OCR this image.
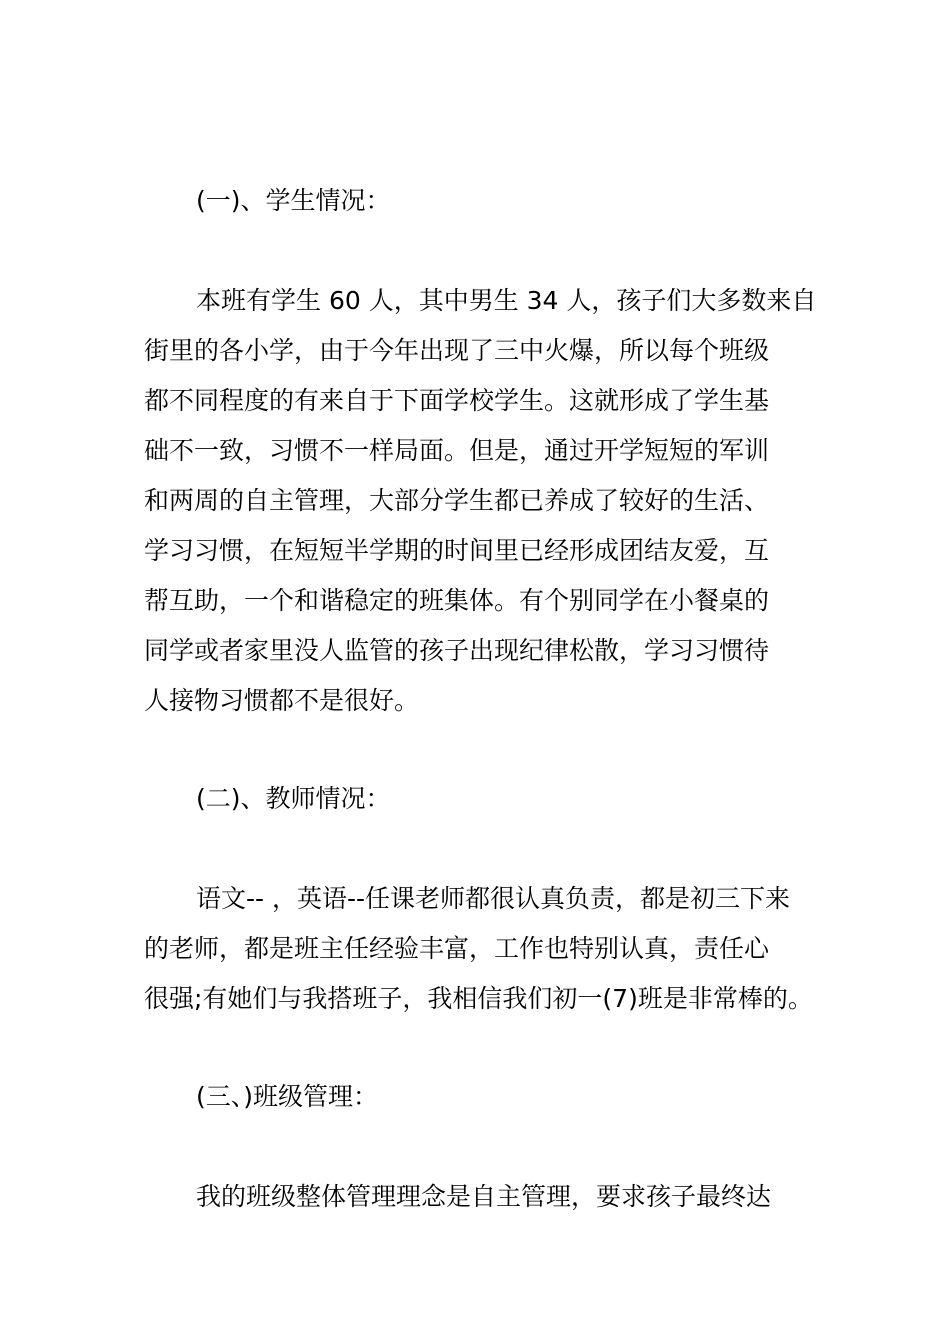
(一)、学生情况：
本班有学生 60 人，其中男生 34 人，孩子们大多数来自
街里的各小学，由于今年出现了三中火爆，所以每个班级
都不同程度的有来自于下面学校学生。这就形成了学生基
础不一致，习惯不一样局面。但是，通过开学短短的军训
和两周的自主管理，大部分学生都已养成了较好的生活、
学习习惯，在短短半学期的时间里已经形成团结友爱，互
帮互助，一个和谐稳定的班集体。有个别同学在小餐桌的
同学或者家里没人监管的孩子出现纪律松散，学习习惯待
人接物习惯都不是很好。
(二)、教师情况：
语文-- ，英语--任课老师都很认真负责，都是初三下来
的老师，都是班主任经验丰富，工作也特别认真，责任心
很强;有她们与我搭班子，我相信我们初一(7)班是非常棒的。
(三、)班级管理：
我的班级整体管理理念是自主管理，要求孩子最终达
